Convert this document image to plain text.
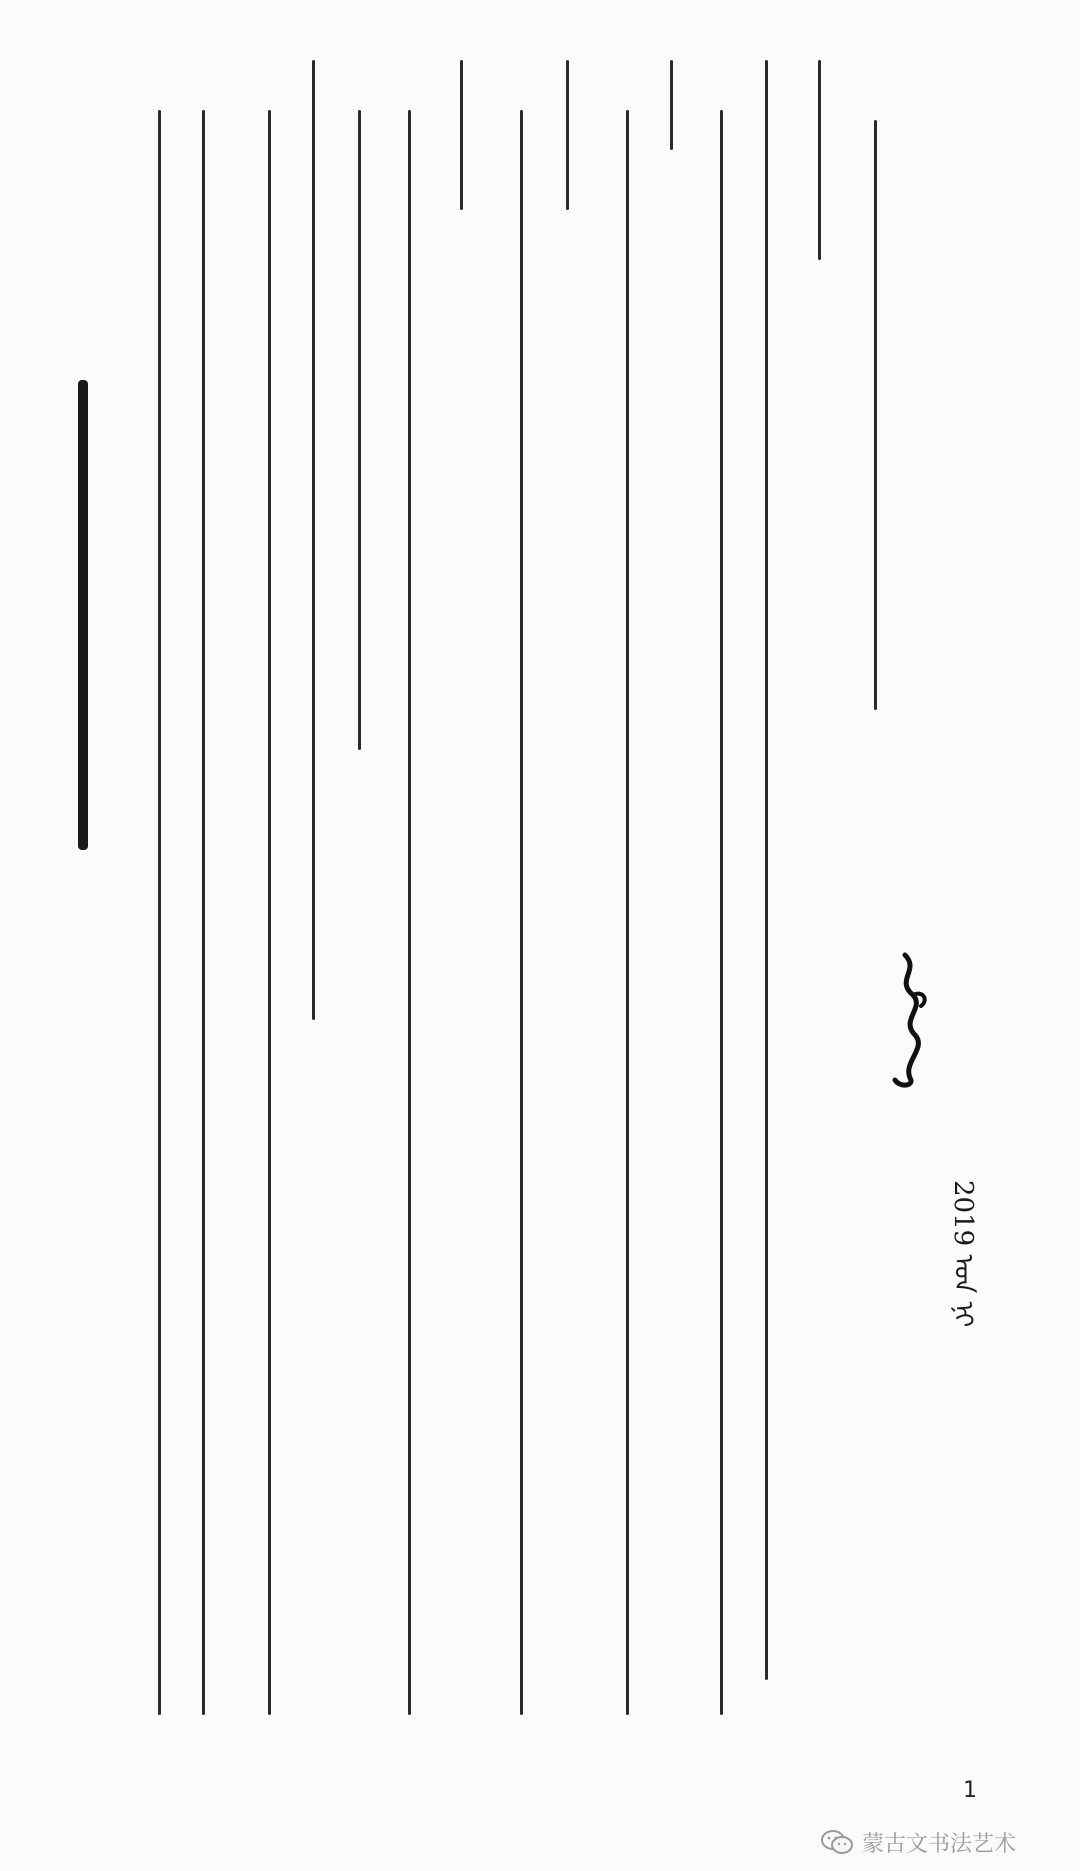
2019 ᠣᠨ ᠨᠢ
1
蒙古文书法艺术
